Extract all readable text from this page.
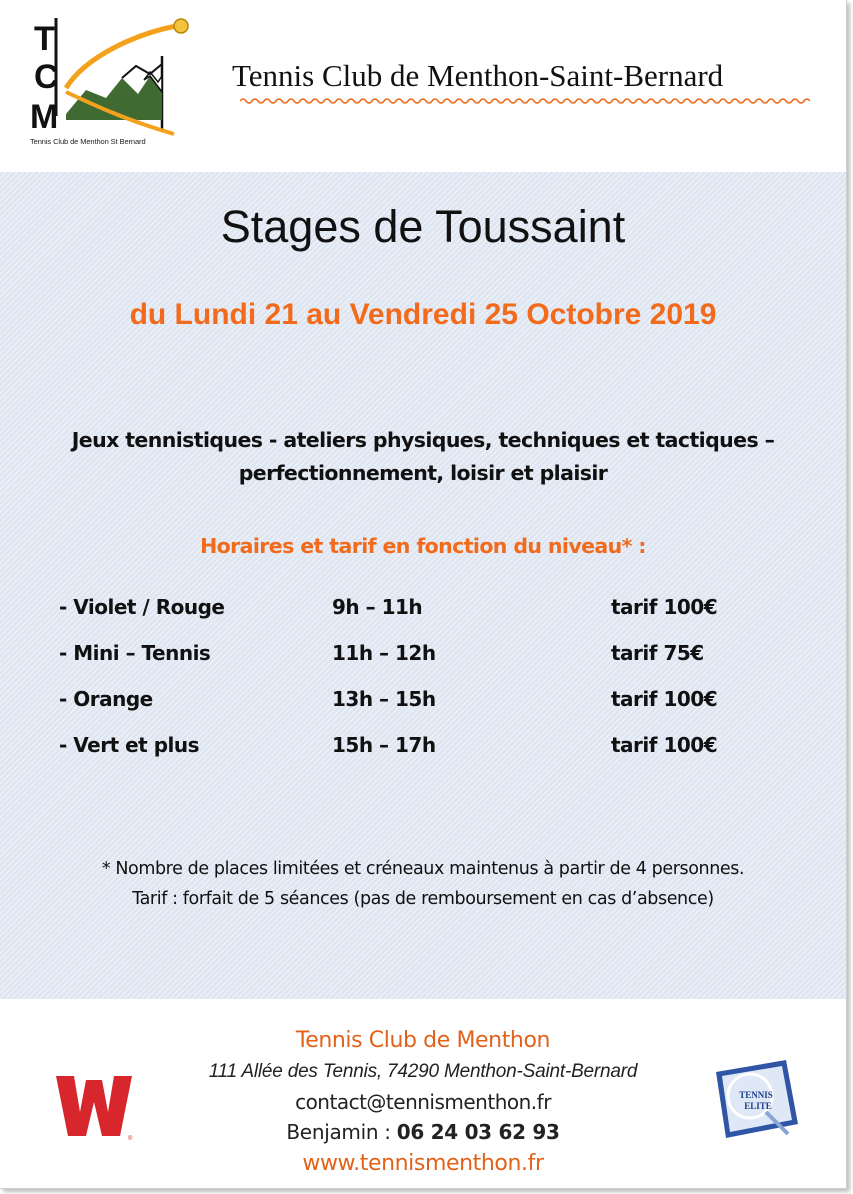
T
C
M
Tennis Club de Menthon St Bernard
Tennis Club de Menthon-Saint-Bernard
Stages de Toussaint
du Lundi 21 au Vendredi 25 Octobre 2019
Jeux tennistiques - ateliers physiques, techniques et tactiques –
perfectionnement, loisir et plaisir
Horaires et tarif en fonction du niveau* :
- Violet / Rouge	9h – 11h	tarif 100€
- Mini – Tennis	11h – 12h	tarif 75€
- Orange	13h – 15h	tarif 100€
- Vert et plus	15h – 17h	tarif 100€
* Nombre de places limitées et créneaux maintenus à partir de 4 personnes.
Tarif : forfait de 5 séances (pas de remboursement en cas d’absence)
Tennis Club de Menthon
111 Allée des Tennis, 74290 Menthon-Saint-Bernard
contact@tennismenthon.fr
Benjamin : 06 24 03 62 93
www.tennismenthon.fr
®
TENNIS
ELITE
